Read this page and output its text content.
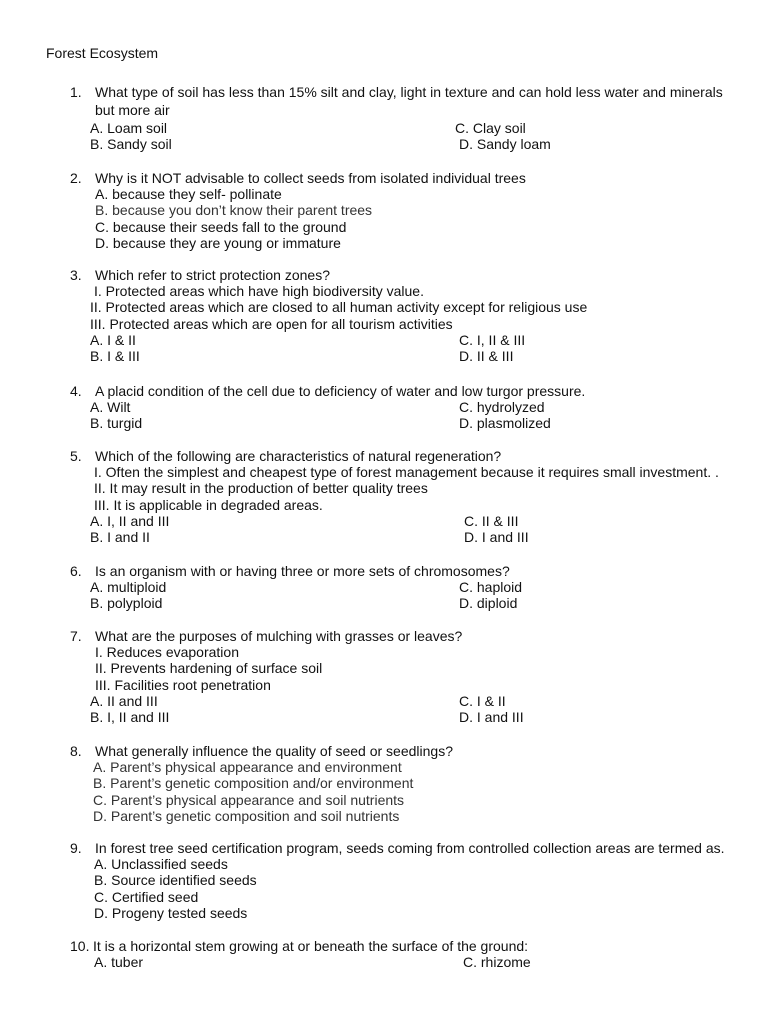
Forest Ecosystem
1. What type of soil has less than 15% silt and clay, light in texture and can hold less water and minerals
but more air
A. Loam soil	C. Clay soil
B. Sandy soil	D. Sandy loam
2. Why is it NOT advisable to collect seeds from isolated individual trees
A. because they self- pollinate
B. because you don’t know their parent trees
C. because their seeds fall to the ground
D. because they are young or immature
3. Which refer to strict protection zones?
I. Protected areas which have high biodiversity value.
II. Protected areas which are closed to all human activity except for religious use
III. Protected areas which are open for all tourism activities
A. I & II	C. I, II & III
B. I & III	D. II & III
4. A placid condition of the cell due to deficiency of water and low turgor pressure.
A. Wilt	C. hydrolyzed
B. turgid	D. plasmolized
5. Which of the following are characteristics of natural regeneration?
I. Often the simplest and cheapest type of forest management because it requires small investment. .
II. It may result in the production of better quality trees
III. It is applicable in degraded areas.
A. I, II and III	C. II & III
B. I and II	D. I and III
6. Is an organism with or having three or more sets of chromosomes?
A. multiploid	C. haploid
B. polyploid	D. diploid
7. What are the purposes of mulching with grasses or leaves?
I. Reduces evaporation
II. Prevents hardening of surface soil
III. Facilities root penetration
A. II and III	C. I & II
B. I, II and III	D. I and III
8. What generally influence the quality of seed or seedlings?
A. Parent’s physical appearance and environment
B. Parent’s genetic composition and/or environment
C. Parent’s physical appearance and soil nutrients
D. Parent’s genetic composition and soil nutrients
9. In forest tree seed certification program, seeds coming from controlled collection areas are termed as.
A. Unclassified seeds
B. Source identified seeds
C. Certified seed
D. Progeny tested seeds
10. It is a horizontal stem growing at or beneath the surface of the ground:
A. tuber	C. rhizome
